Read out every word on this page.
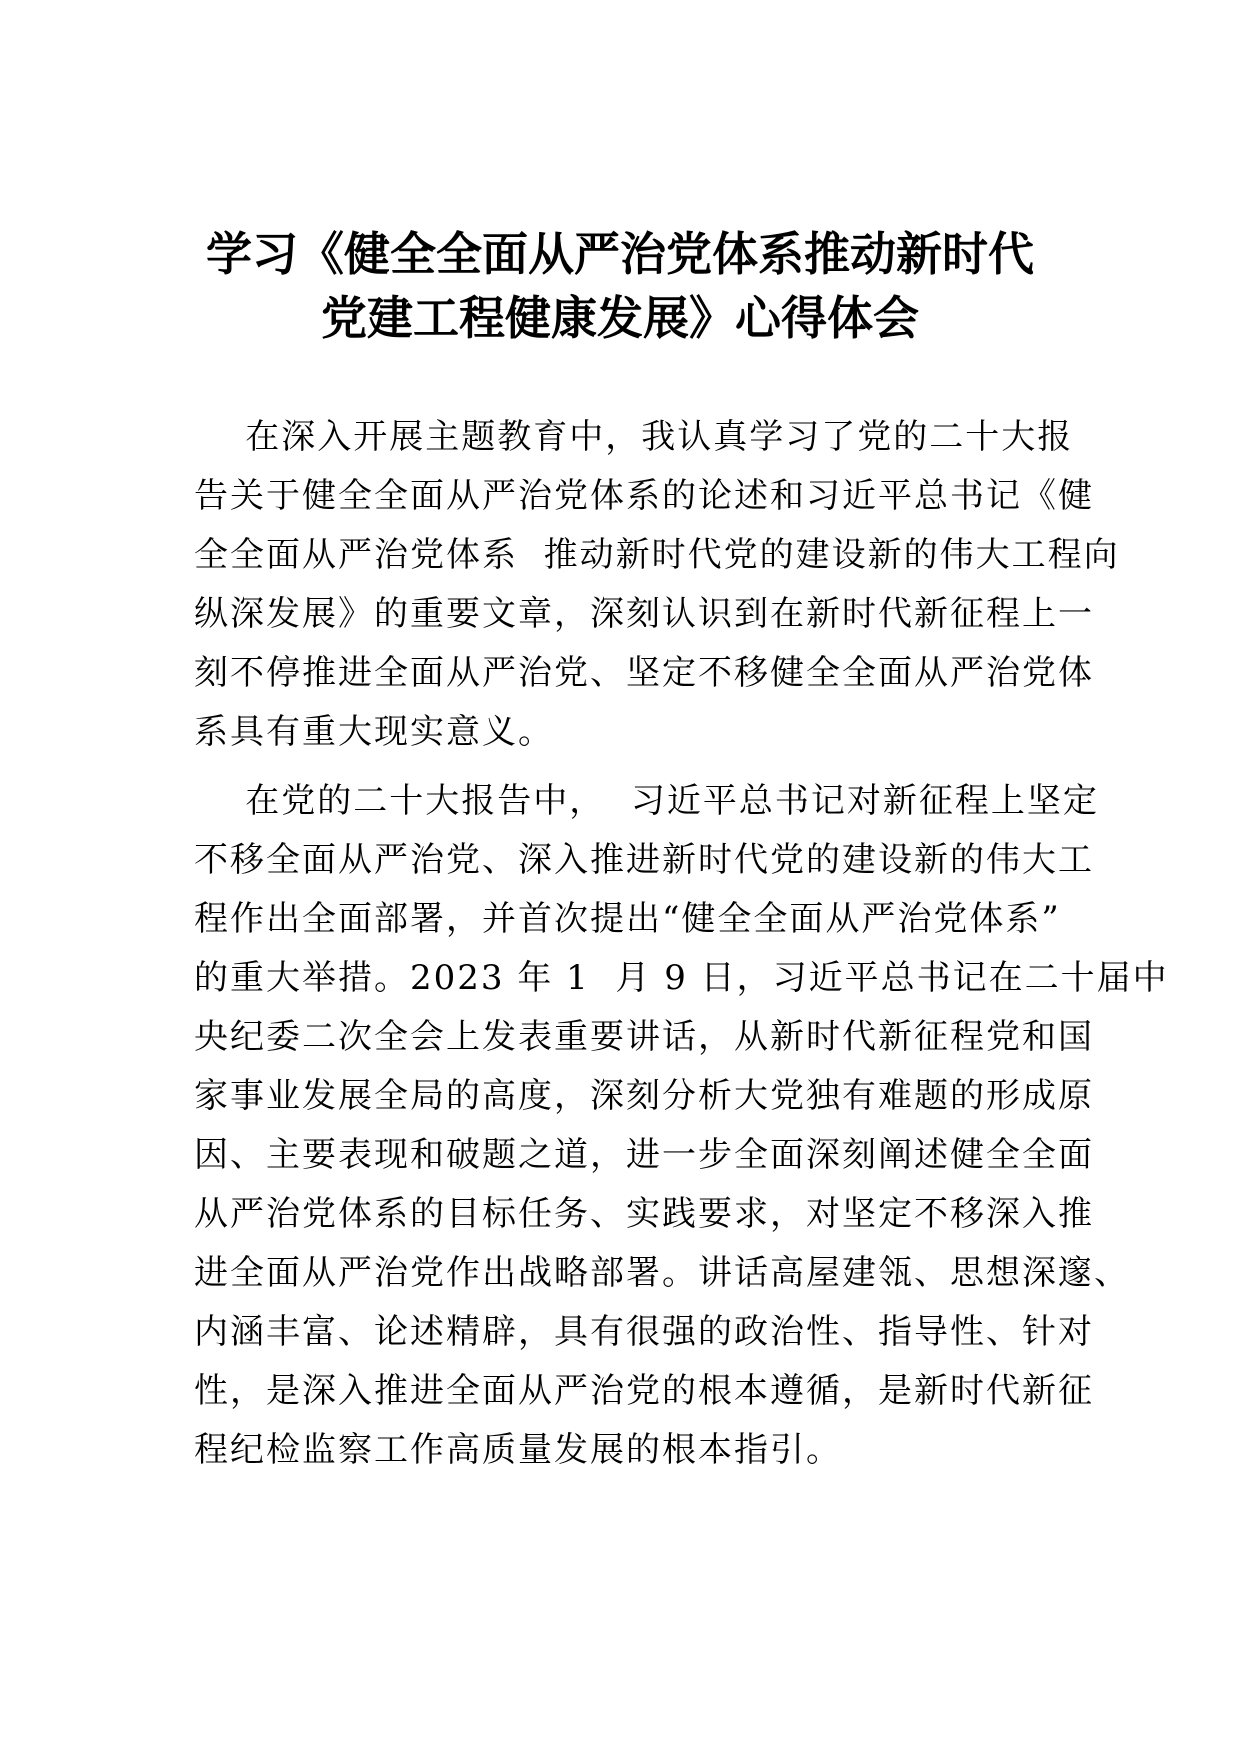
学习《健全全面从严治党体系推动新时代
党建工程健康发展》心得体会

在深入开展主题教育中，我认真学习了党的二十大报
告关于健全全面从严治党体系的论述和习近平总书记《健
全全面从严治党体系  推动新时代党的建设新的伟大工程向
纵深发展》的重要文章，深刻认识到在新时代新征程上一
刻不停推进全面从严治党、坚定不移健全全面从严治党体
系具有重大现实意义。

在党的二十大报告中，  习近平总书记对新征程上坚定
不移全面从严治党、深入推进新时代党的建设新的伟大工
程作出全面部署，并首次提出“健全全面从严治党体系”
的重大举措。2023 年 1  月 9 日，习近平总书记在二十届中
央纪委二次全会上发表重要讲话，从新时代新征程党和国
家事业发展全局的高度，深刻分析大党独有难题的形成原
因、主要表现和破题之道，进一步全面深刻阐述健全全面
从严治党体系的目标任务、实践要求，对坚定不移深入推
进全面从严治党作出战略部署。讲话高屋建瓴、思想深邃、
内涵丰富、论述精辟，具有很强的政治性、指导性、针对
性，是深入推进全面从严治党的根本遵循，是新时代新征
程纪检监察工作高质量发展的根本指引。
